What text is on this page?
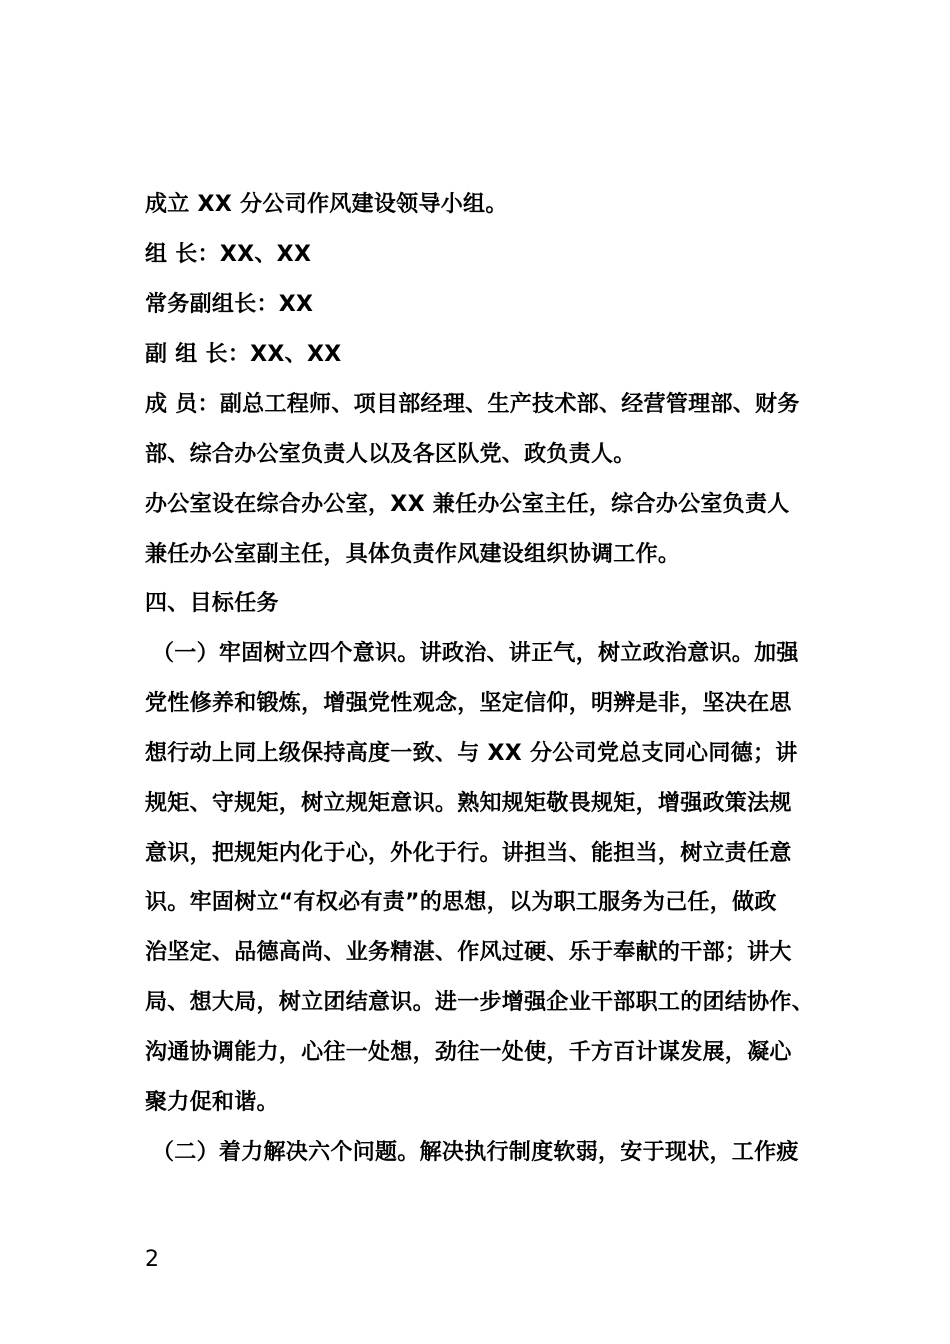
成立 XX 分公司作风建设领导小组。
组 长：XX、XX
常务副组长：XX
副 组 长：XX、XX
成 员：副总工程师、项目部经理、生产技术部、经营管理部、财务
部、综合办公室负责人以及各区队党、政负责人。
办公室设在综合办公室，XX 兼任办公室主任，综合办公室负责人
兼任办公室副主任，具体负责作风建设组织协调工作。
四、目标任务
（一）牢固树立四个意识。讲政治、讲正气，树立政治意识。加强
党性修养和锻炼，增强党性观念，坚定信仰，明辨是非，坚决在思
想行动上同上级保持高度一致、与 XX 分公司党总支同心同德；讲
规矩、守规矩，树立规矩意识。熟知规矩敬畏规矩，增强政策法规
意识，把规矩内化于心，外化于行。讲担当、能担当，树立责任意
识。牢固树立“有权必有责”的思想，以为职工服务为己任，做政
治坚定、品德高尚、业务精湛、作风过硬、乐于奉献的干部；讲大
局、想大局，树立团结意识。进一步增强企业干部职工的团结协作、
沟通协调能力，心往一处想，劲往一处使，千方百计谋发展，凝心
聚力促和谐。
（二）着力解决六个问题。解决执行制度软弱，安于现状，工作疲
2
